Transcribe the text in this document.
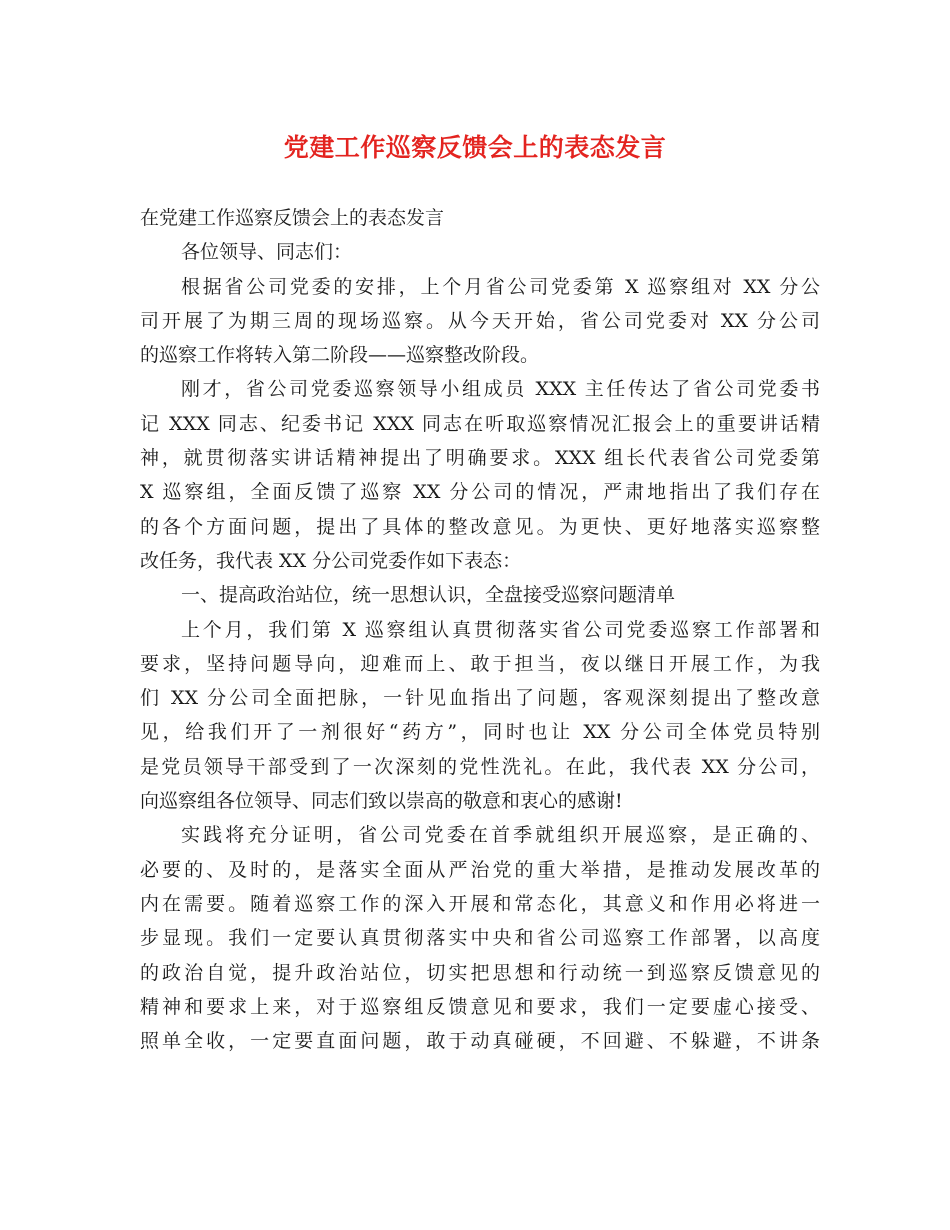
党建工作巡察反馈会上的表态发言
在党建工作巡察反馈会上的表态发言
各位领导、同志们：
根据省公司党委的安排，上个月省公司党委第 X 巡察组对 XX 分公
司开展了为期三周的现场巡察。从今天开始，省公司党委对 XX 分公司
的巡察工作将转入第二阶段——巡察整改阶段。
刚才，省公司党委巡察领导小组成员 XXX 主任传达了省公司党委书
记 XXX 同志、纪委书记 XXX 同志在听取巡察情况汇报会上的重要讲话精
神，就贯彻落实讲话精神提出了明确要求。XXX 组长代表省公司党委第
X 巡察组，全面反馈了巡察 XX 分公司的情况，严肃地指出了我们存在
的各个方面问题，提出了具体的整改意见。为更快、更好地落实巡察整
改任务，我代表 XX 分公司党委作如下表态：
一、提高政治站位，统一思想认识，全盘接受巡察问题清单
上个月，我们第 X 巡察组认真贯彻落实省公司党委巡察工作部署和
要求，坚持问题导向，迎难而上、敢于担当，夜以继日开展工作，为我
们 XX 分公司全面把脉，一针见血指出了问题，客观深刻提出了整改意
见，给我们开了一剂很好“药方”，同时也让 XX 分公司全体党员特别
是党员领导干部受到了一次深刻的党性洗礼。在此，我代表 XX 分公司，
向巡察组各位领导、同志们致以崇高的敬意和衷心的感谢!
实践将充分证明，省公司党委在首季就组织开展巡察，是正确的、
必要的、及时的，是落实全面从严治党的重大举措，是推动发展改革的
内在需要。随着巡察工作的深入开展和常态化，其意义和作用必将进一
步显现。我们一定要认真贯彻落实中央和省公司巡察工作部署，以高度
的政治自觉，提升政治站位，切实把思想和行动统一到巡察反馈意见的
精神和要求上来，对于巡察组反馈意见和要求，我们一定要虚心接受、
照单全收，一定要直面问题，敢于动真碰硬，不回避、不躲避，不讲条
